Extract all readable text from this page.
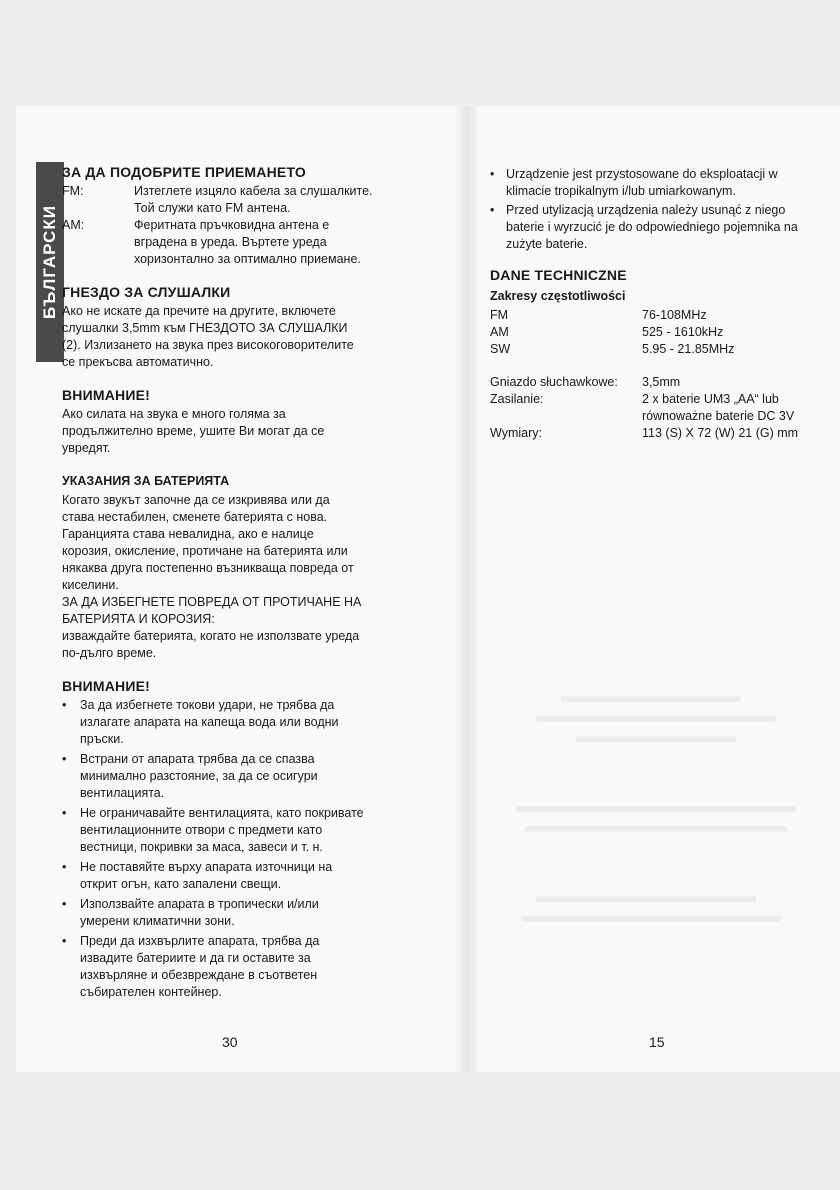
БЪЛГАРСКИ
ЗА ДА ПОДОБРИТЕ ПРИЕМАНЕТО
FM:	Изтеглете изцяло кабела за слушалките.

Той служи като FM антена.

AM:	Феритната пръчковидна антена е

вградена в уреда. Въртете уреда

хоризонтално за оптимално приемане.

ГНЕЗДО ЗА СЛУШАЛКИ

Ако не искате да пречите на другите, включете

слушалки 3,5mm към ГНЕЗДОТО ЗА СЛУШАЛКИ

(2). Излизането на звука през високоговорителите

се прекъсва автоматично.

ВНИМАНИЕ!

Ако силата на звука е много голяма за

продължително време, ушите Ви могат да се

увредят.

УКАЗАНИЯ ЗА БАТЕРИЯТА

Когато звукът започне да се изкривява или да

става нестабилен, сменете батерията с нова.

Гаранцията става невалидна, ако е налице

корозия, окисление, протичане на батерията или

някаква друга постепенно възникваща повреда от

киселини.

ЗА ДА ИЗБЕГНЕТЕ ПОВРЕДА ОТ ПРОТИЧАНЕ НА

БАТЕРИЯТА И КОРОЗИЯ:

изваждайте батерията, когато не използвате уреда

по-дълго време.

ВНИМАНИЕ!

• За да избегнете токови удари, не трябва да

излагате апарата на капеща вода или водни

пръски.

• Встрани от апарата трябва да се спазва

минимално разстояние, за да се осигури

вентилацията.

• Не ограничавайте вентилацията, като покривате

вентилационните отвори с предмети като

вестници, покривки за маса, завеси и т. н.

• Не поставяйте върху апарата източници на

открит огън, като запалени свещи.

• Използвайте апарата в тропически и/или

умерени климатични зони.

• Преди да изхвърлите апарата, трябва да

извадите батериите и да ги оставите за

изхвърляне и обезвреждане в съответен

събирателен контейнер.

30

• Urządzenie jest przystosowane do eksploatacji w

klimacie tropikalnym i/lub umiarkowanym.

• Przed utylizacją urządzenia należy usunąć z niego

baterie i wyrzucić je do odpowiedniego pojemnika na

zużyte baterie.

DANE TECHNICZNE
Zakresy częstotliwości
FM	76-108MHz
AM	525 - 1610kHz
SW	5.95 - 21.85MHz
Gniazdo słuchawkowe:	3,5mm

Zasilanie:	2 x baterie UM3 „AA“ lub

równoważne baterie DC 3V

Wymiary:	113 (S) X 72 (W) 21 (G) mm

15
